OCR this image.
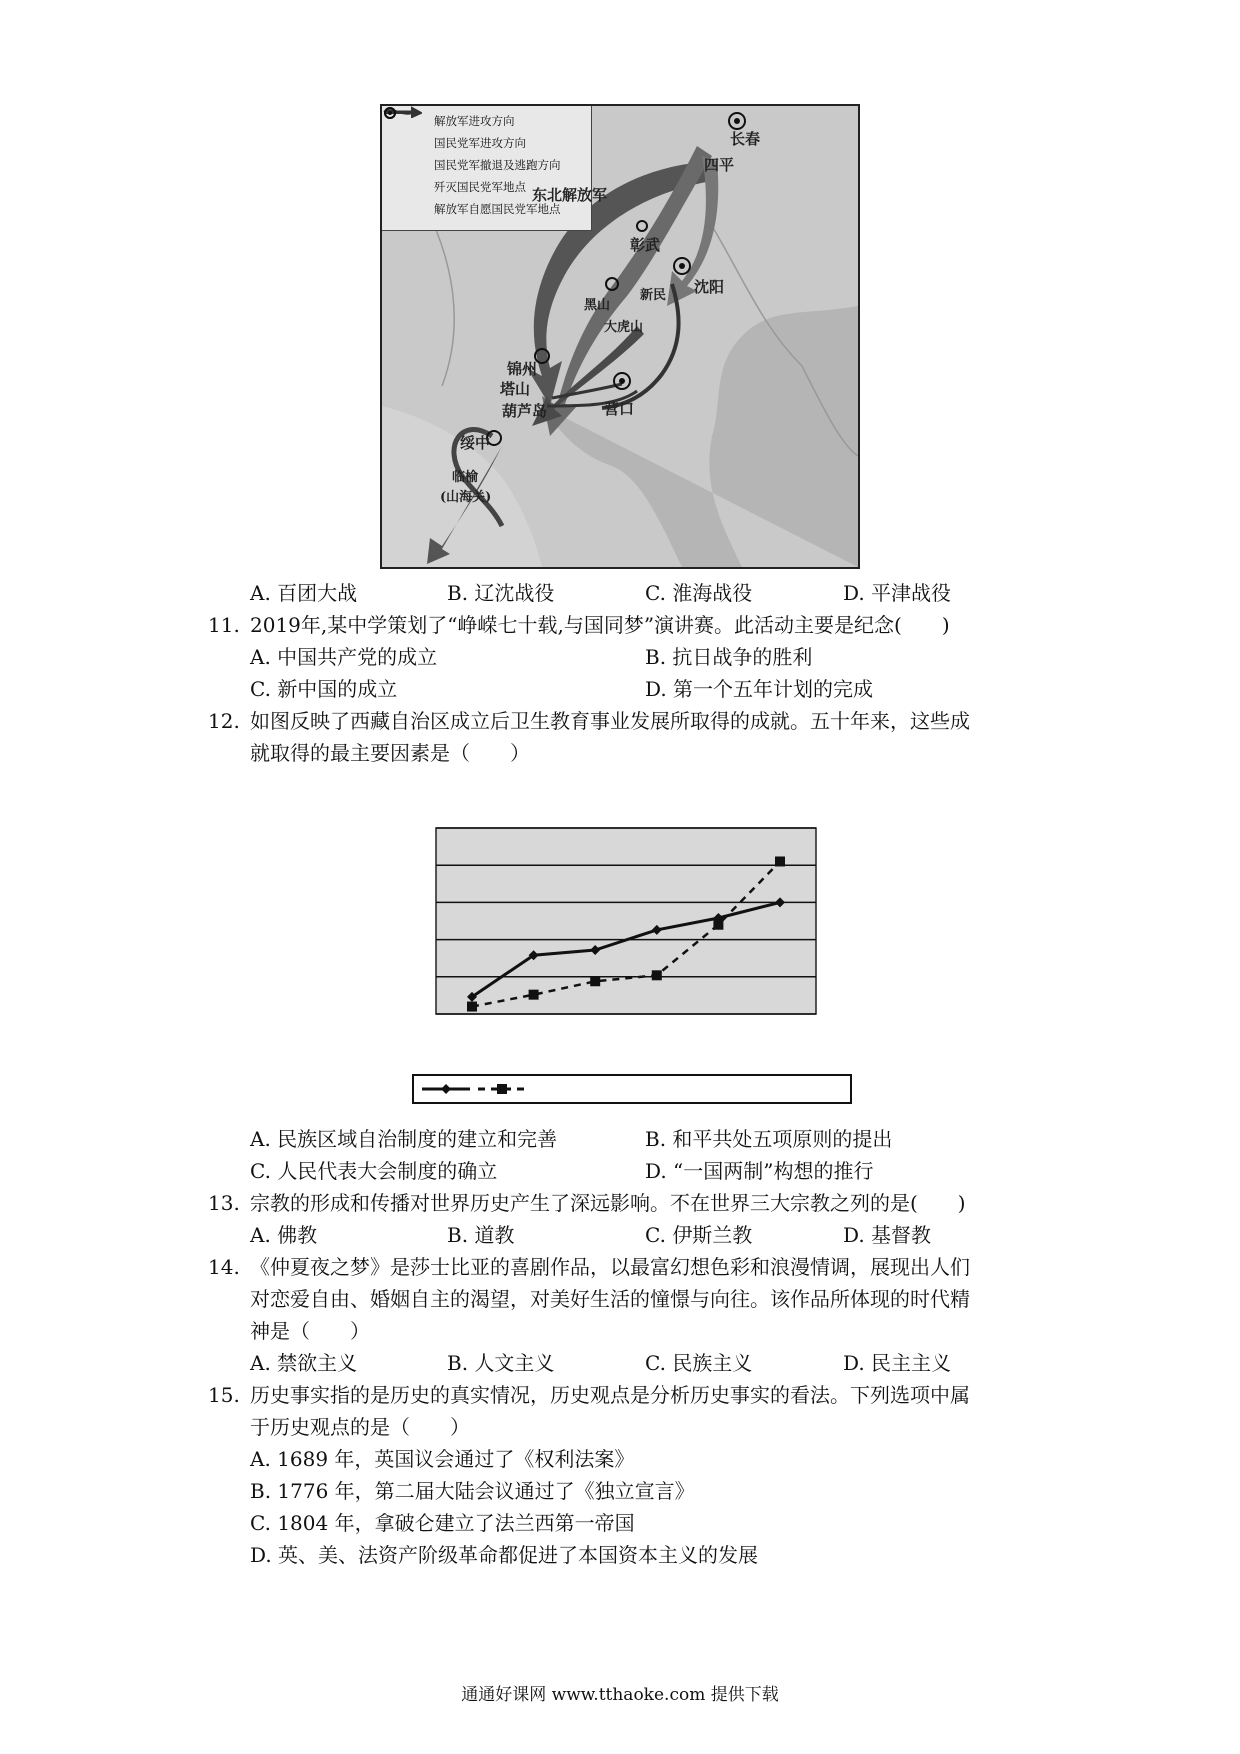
解放军进攻方向
国民党军进攻方向
国民党军撤退及逃跑方向
歼灭国民党军地点
解放军自愿国民党军地点
长春
四平
东北解放军
彰武
新民
黑山
大虎山
沈阳
锦州
塔山
葫芦岛	营口
绥中
临榆
(山海关)
A. 百团大战	B. 辽沈战役	C. 淮海战役	D. 平津战役
11. 2019年,某中学策划了“峥嵘七十载,与国同梦”演讲赛。此活动主要是纪念(　　)
A. 中国共产党的成立	B. 抗日战争的胜利
C. 新中国的成立	D. 第一个五年计划的完成
12. 如图反映了西藏自治区成立后卫生教育事业发展所取得的成就。五十年来，这些成
就取得的最主要因素是（　　）
A. 民族区域自治制度的建立和完善	B. 和平共处五项原则的提出
C. 人民代表大会制度的确立	D. “一国两制”构想的推行
13. 宗教的形成和传播对世界历史产生了深远影响。不在世界三大宗教之列的是(　　)
A. 佛教	B. 道教	C. 伊斯兰教	D. 基督教
14. 《仲夏夜之梦》是莎士比亚的喜剧作品，以最富幻想色彩和浪漫情调，展现出人们
对恋爱自由、婚姻自主的渴望，对美好生活的憧憬与向往。该作品所体现的时代精
神是（　　）
A. 禁欲主义	B. 人文主义	C. 民族主义	D. 民主主义
15. 历史事实指的是历史的真实情况，历史观点是分析历史事实的看法。下列选项中属
于历史观点的是（　　）
A. 1689 年，英国议会通过了《权利法案》
B. 1776 年，第二届大陆会议通过了《独立宣言》
C. 1804 年，拿破仑建立了法兰西第一帝国
D. 英、美、法资产阶级革命都促进了本国资本主义的发展
通通好课网 www.tthaoke.com 提供下载
